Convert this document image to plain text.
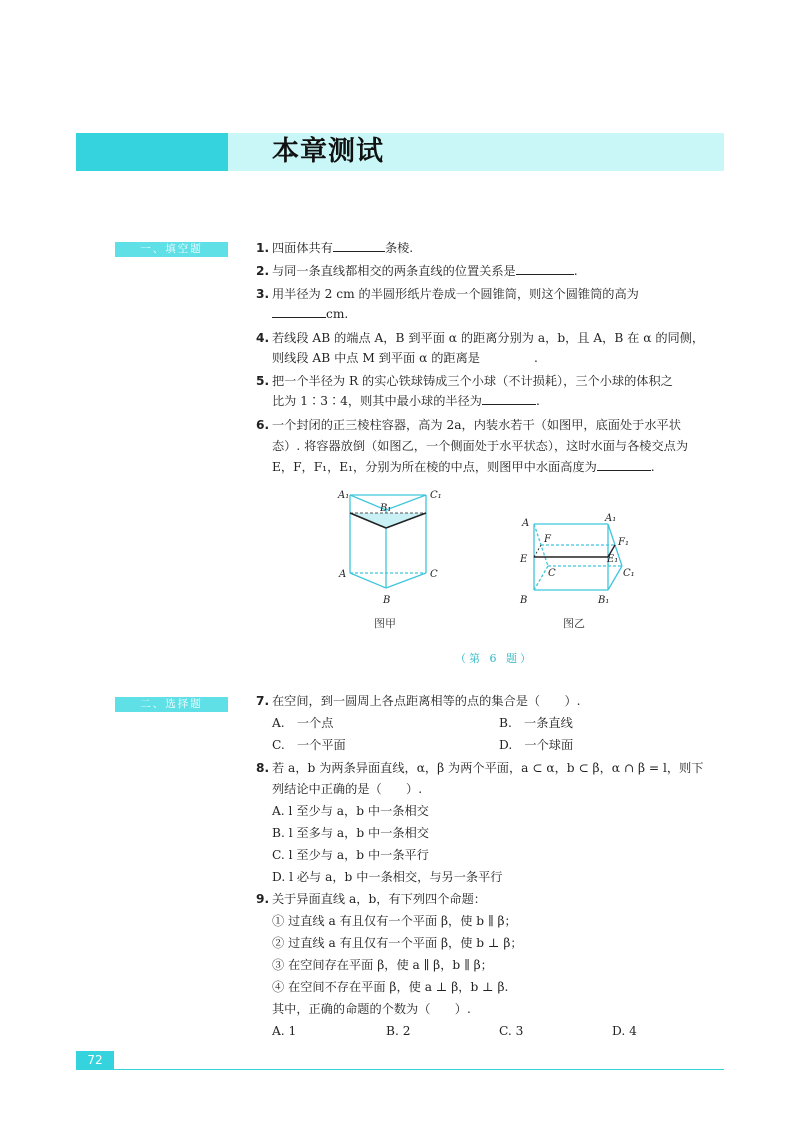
本章测试
一、填空题	1. 四面体共有	条棱.
2. 与同一条直线都相交的两条直线的位置关系是	.
3. 用半径为 2 cm 的半圆形纸片卷成一个圆锥筒，则这个圆锥筒的高为
cm.
4. 若线段 AB 的端点 A，B 到平面 α 的距离分别为 a，b，且 A，B 在 α 的同侧，
则线段 AB 中点 M 到平面 α 的距离是	.
5. 把一个半径为 R 的实心铁球铸成三个小球（不计损耗），三个小球的体积之
比为 1∶3∶4，则其中最小球的半径为	.
6. 一个封闭的正三棱柱容器，高为 2a，内装水若干（如图甲，底面处于水平状
态）. 将容器放倒（如图乙，一个侧面处于水平状态），这时水面与各棱交点为
E，F，F₁，E₁，分别为所在棱的中点，则图甲中水面高度为	.
A₁	C₁
B₁
A	C
B
图甲
A	A₁
F	F₁
E	E₁
C	C₁
B	B₁
图乙
（第 6 题）
二、选择题	7. 在空间，到一圆周上各点距离相等的点的集合是（　　）.
A.　一个点	B.　一条直线
C.　一个平面	D.　一个球面
8. 若 a，b 为两条异面直线，α，β 为两个平面，a ⊂ α，b ⊂ β，α ∩ β = l，则下
列结论中正确的是（　　）.
A. l 至少与 a，b 中一条相交
B. l 至多与 a，b 中一条相交
C. l 至少与 a，b 中一条平行
D. l 必与 a，b 中一条相交，与另一条平行
9. 关于异面直线 a，b，有下列四个命题：
① 过直线 a 有且仅有一个平面 β，使 b ∥ β；
② 过直线 a 有且仅有一个平面 β，使 b ⊥ β；
③ 在空间存在平面 β，使 a ∥ β，b ∥ β；
④ 在空间不存在平面 β，使 a ⊥ β，b ⊥ β.
其中，正确的命题的个数为（　　）.
A. 1	B. 2	C. 3	D. 4
72
